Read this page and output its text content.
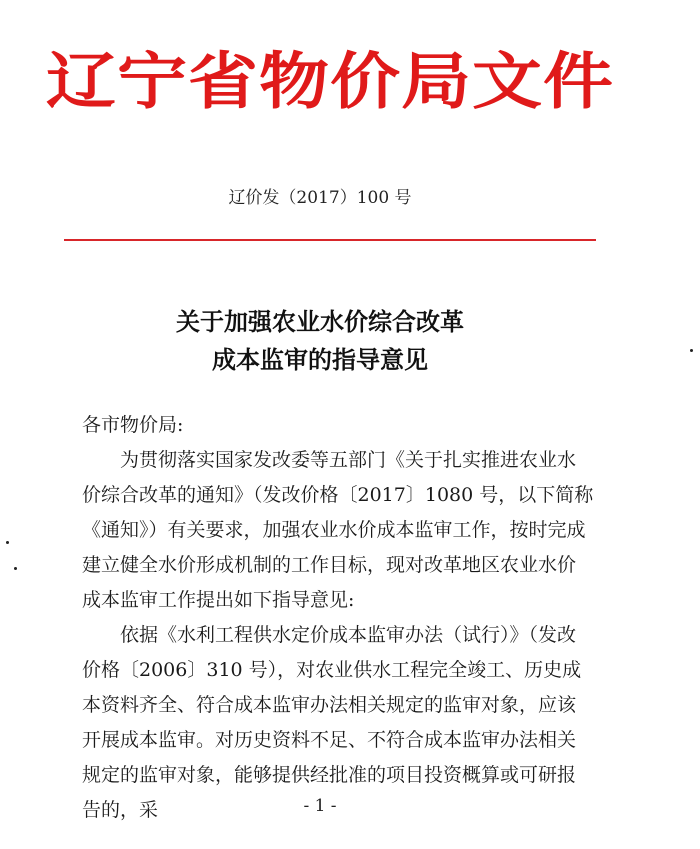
辽宁省物价局文件
辽价发（2017）100 号
关于加强农业水价综合改革
成本监审的指导意见

各市物价局:

为贯彻落实国家发改委等五部门《关于扎实推进农业水价综合改革的通知》（发改价格〔2017〕1080 号，以下简称《通知》）有关要求，加强农业水价成本监审工作，按时完成建立健全水价形成机制的工作目标，现对改革地区农业水价成本监审工作提出如下指导意见:

依据《水利工程供水定价成本监审办法（试行）》（发改价格〔2006〕310 号），对农业供水工程完全竣工、历史成本资料齐全、符合成本监审办法相关规定的监审对象，应该开展成本监审。对历史资料不足、不符合成本监审办法相关规定的监审对象，能够提供经批准的项目投资概算或可研报告的，采	- 1 -
